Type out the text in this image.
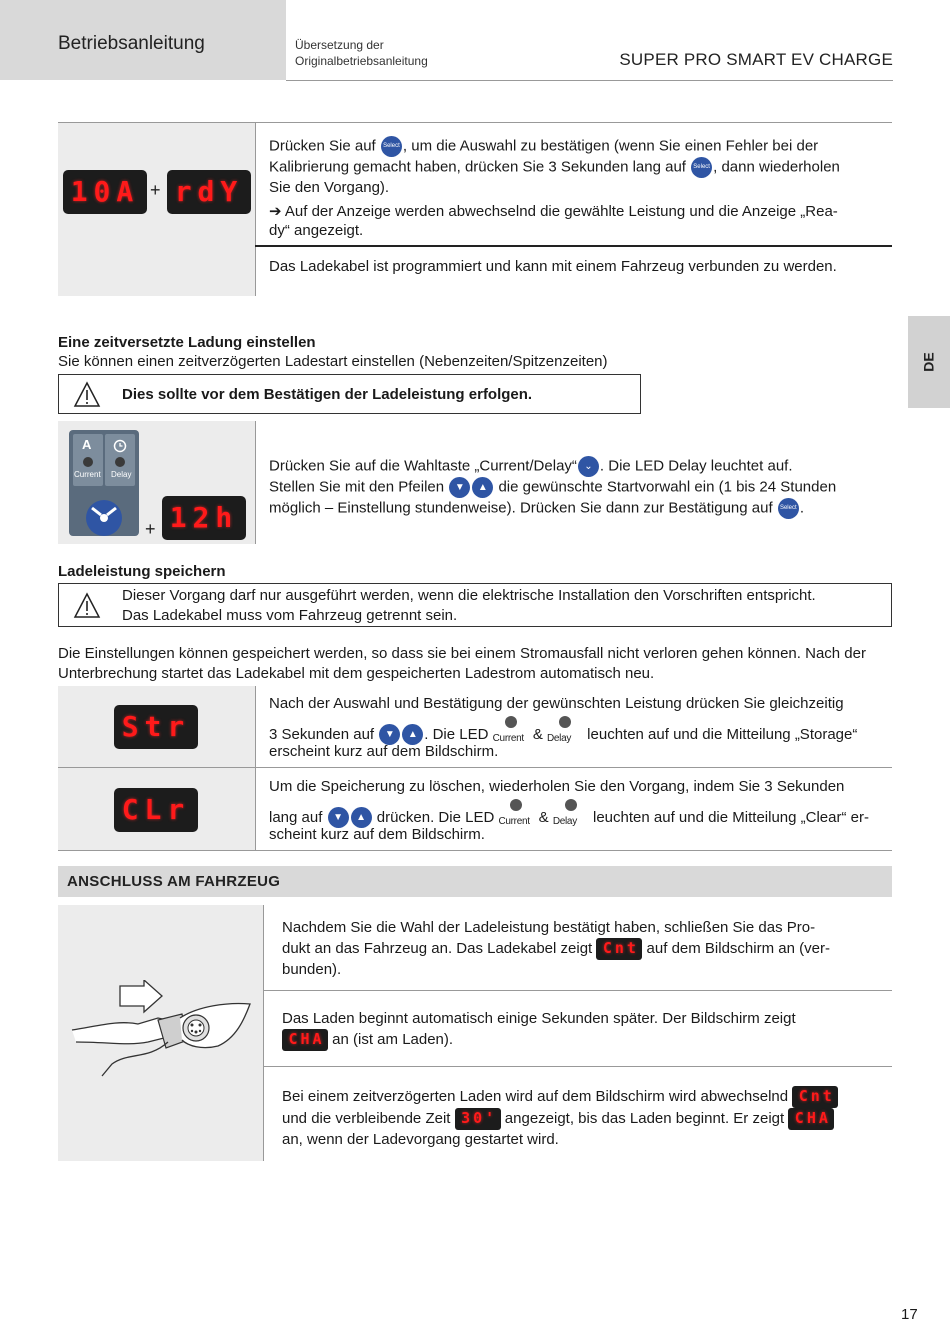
Betriebsanleitung	Übersetzung der
Originalbetriebsanleitung	SUPER PRO SMART EV CHARGE
DE
10A + rdY
Drücken Sie auf Select , um die Auswahl zu bestätigen (wenn Sie einen Fehler bei der
Kalibrierung gemacht haben, drücken Sie 3 Sekunden lang auf Select , dann wiederholen
Sie den Vorgang).
➔ Auf der Anzeige werden abwechselnd die gewählte Leistung und die Anzeige „Rea-
dy“ angezeigt.
Das Ladekabel ist programmiert und kann mit einem Fahrzeug verbunden zu werden.
Eine zeitversetzte Ladung einstellen
Sie können einen zeitverzögerten Ladestart einstellen (Nebenzeiten/Spitzenzeiten)
Dies sollte vor dem Bestätigen der Ladeleistung erfolgen.
A
Current Delay
+ 12h
Drücken Sie auf die Wahltaste „Current/Delay“ ⌄ . Die LED Delay leuchtet auf.
Stellen Sie mit den Pfeilen ▼ ▲ die gewünschte Startvorwahl ein (1 bis 24 Stunden
möglich – Einstellung stundenweise). Drücken Sie dann zur Bestätigung auf Select .
Ladeleistung speichern
Dieser Vorgang darf nur ausgeführt werden, wenn die elektrische Installation den Vorschriften entspricht.
Das Ladekabel muss vom Fahrzeug getrennt sein.
Die Einstellungen können gespeichert werden, so dass sie bei einem Stromausfall nicht verloren gehen können. Nach der
Unterbrechung startet das Ladekabel mit dem gespeicherten Ladestrom automatisch neu.
Str
CLr
Nach der Auswahl und Bestätigung der gewünschten Leistung drücken Sie gleichzeitig
3 Sekunden auf ▼ ▲ . Die LED Current & Delay leuchten auf und die Mitteilung „Storage“
erscheint kurz auf dem Bildschirm.
Um die Speicherung zu löschen, wiederholen Sie den Vorgang, indem Sie 3 Sekunden
lang auf ▼ ▲ drücken. Die LED Current & Delay leuchten auf und die Mitteilung „Clear“ er-
scheint kurz auf dem Bildschirm.
ANSCHLUSS AM FAHRZEUG
Nachdem Sie die Wahl der Ladeleistung bestätigt haben, schließen Sie das Pro-
dukt an das Fahrzeug an. Das Ladekabel zeigt Cnt auf dem Bildschirm an (ver-
bunden).
Das Laden beginnt automatisch einige Sekunden später. Der Bildschirm zeigt
CHA an (ist am Laden).
Bei einem zeitverzögerten Laden wird auf dem Bildschirm wird abwechselnd Cnt
und die verbleibende Zeit 30' angezeigt, bis das Laden beginnt. Er zeigt CHA
an, wenn der Ladevorgang gestartet wird.
17
